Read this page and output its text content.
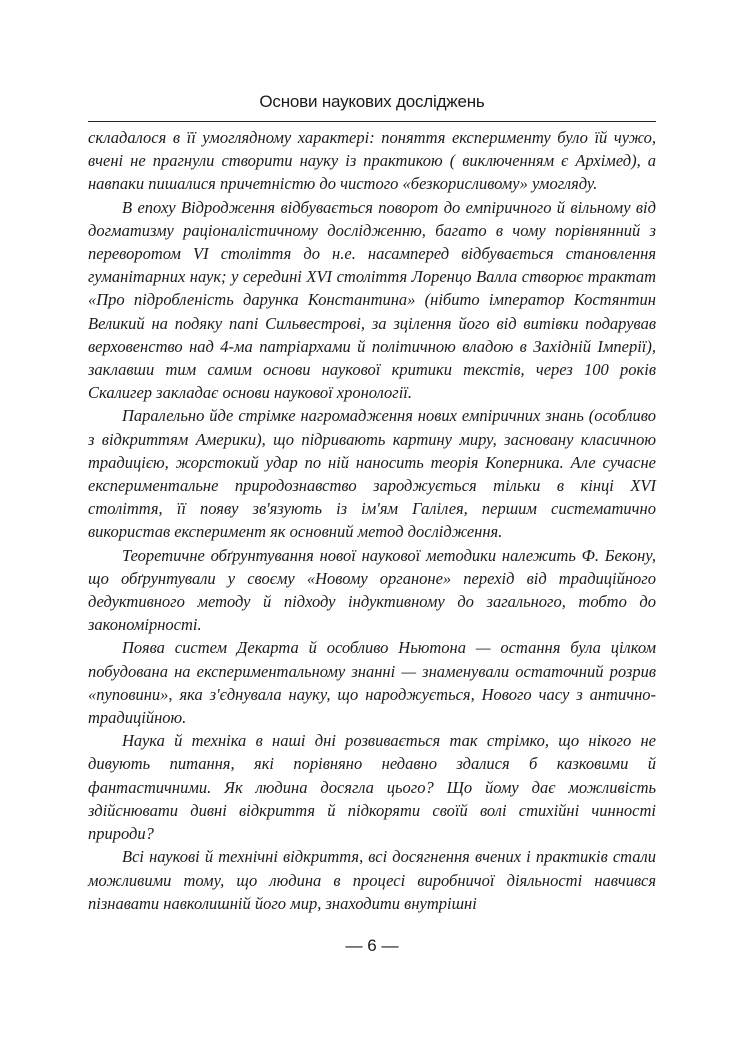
Основи наукових досліджень

складалося в її умоглядному характері: поняття експерименту було їй чужо, вчені не прагнули створити науку із практикою ( виключенням є Архімед), а навпаки пишалися причетністю до чистого «безкорисливому» умогляду.

В епоху Відродження відбувається поворот до емпіричного й вільному від догматизму раціоналістичному дослідженню, багато в чому порівнянний з переворотом VI століття до н.е. насамперед відбувається становлення гуманітарних наук; у середині XVI століття Лоренцо Валла створює трактат «Про підробленість дарунка Константина» (нібито імператор Костянтин Великий на подяку папі Сильвестрові, за зцілення його від витівки подарував верховенство над 4-ма патріархами й політичною владою в Західній Імперії), заклавши тим самим основи наукової критики текстів, через 100 років Скалигер закладає основи наукової хронології.

Паралельно йде стрімке нагромадження нових емпіричних знань (особливо з відкриттям Америки), що підривають картину миру, засновану класичною традицією, жорстокий удар по ній наносить теорія Коперника. Але сучасне експериментальне природознавство зароджується тільки в кінці XVI століття, її появу зв'язують із ім'ям Галілея, першим систематично використав експеримент як основний метод дослідження.

Теоретичне обґрунтування нової наукової методики належить Ф. Бекону, що обґрунтували у своєму «Новому органоне» перехід від традиційного дедуктивного методу й підходу індуктивному до загального, тобто до закономірності.

Поява систем Декарта й особливо Ньютона — остання була цілком побудована на експериментальному знанні — знаменували остаточний розрив «пуповини», яка з'єднувала науку, що народжується, Нового часу з антично-традиційною.

Наука й техніка в наші дні розвивається так стрімко, що нікого не дивують питання, які порівняно недавно здалися б казковими й фантастичними. Як людина досягла цього? Що йому дає можливість здійснювати дивні відкриття й підкоряти своїй волі стихійні чинності природи?

Всі наукові й технічні відкриття, всі досягнення вчених і практиків стали можливими тому, що людина в процесі виробничої діяльності навчився пізнавати навколишній його мир, знаходити внутрішні

— 6 —
